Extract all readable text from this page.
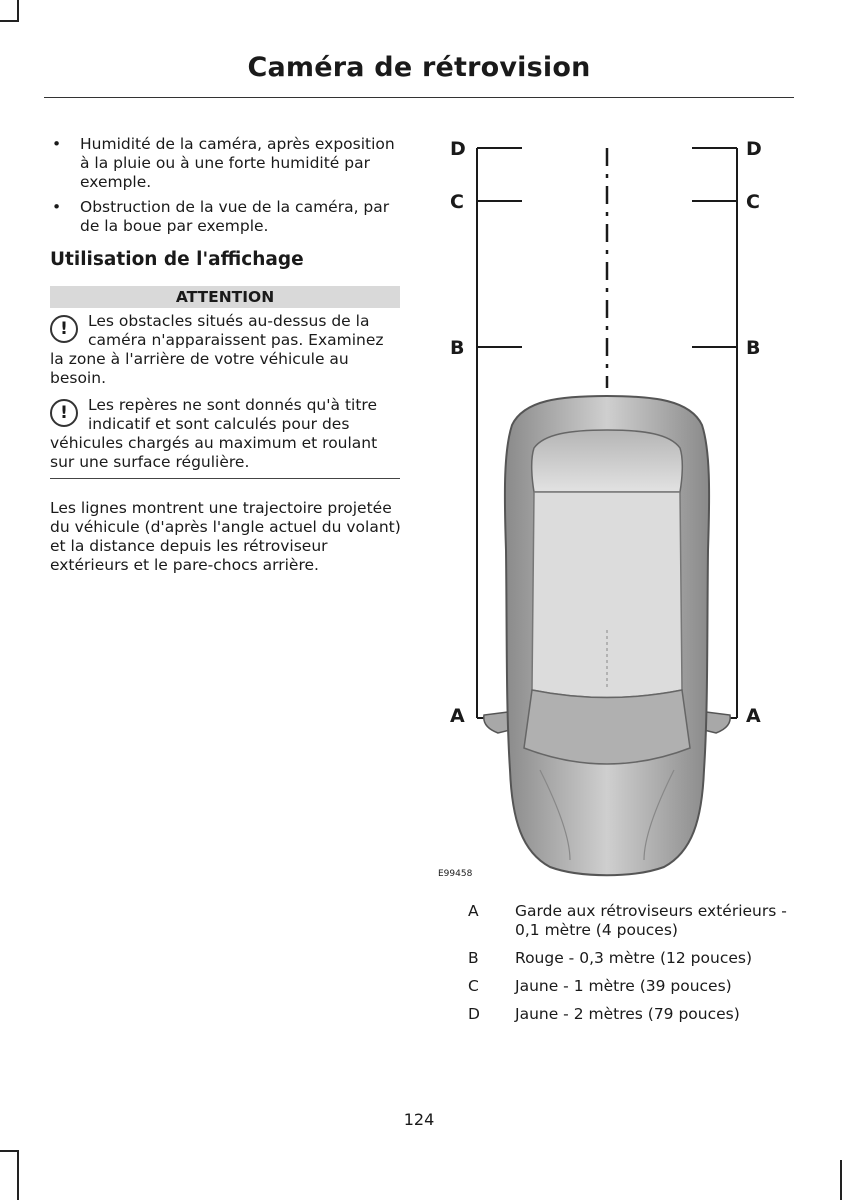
Caméra de rétrovision
• Humidité de la caméra, après exposition à la pluie ou à une forte humidité par exemple.
• Obstruction de la vue de la caméra, par de la boue par exemple.
Utilisation de l'affichage
ATTENTION
!	Les obstacles situés au-dessus de la caméra n'apparaissent pas. Examinez la zone à l'arrière de votre véhicule au besoin.
!	Les repères ne sont donnés qu'à titre indicatif et sont calculés pour des véhicules chargés au maximum et roulant sur une surface régulière.
Les lignes montrent une trajectoire projetée du véhicule (d'après l'angle actuel du volant) et la distance depuis les rétroviseur extérieurs et le pare-chocs arrière.
D	D
C	C
B	B
A	A
E99458
A	Garde aux rétroviseurs extérieurs - 0,1 mètre (4 pouces)
B	Rouge - 0,3 mètre (12 pouces)
C	Jaune - 1 mètre (39 pouces)
D	Jaune - 2 mètres (79 pouces)
124
